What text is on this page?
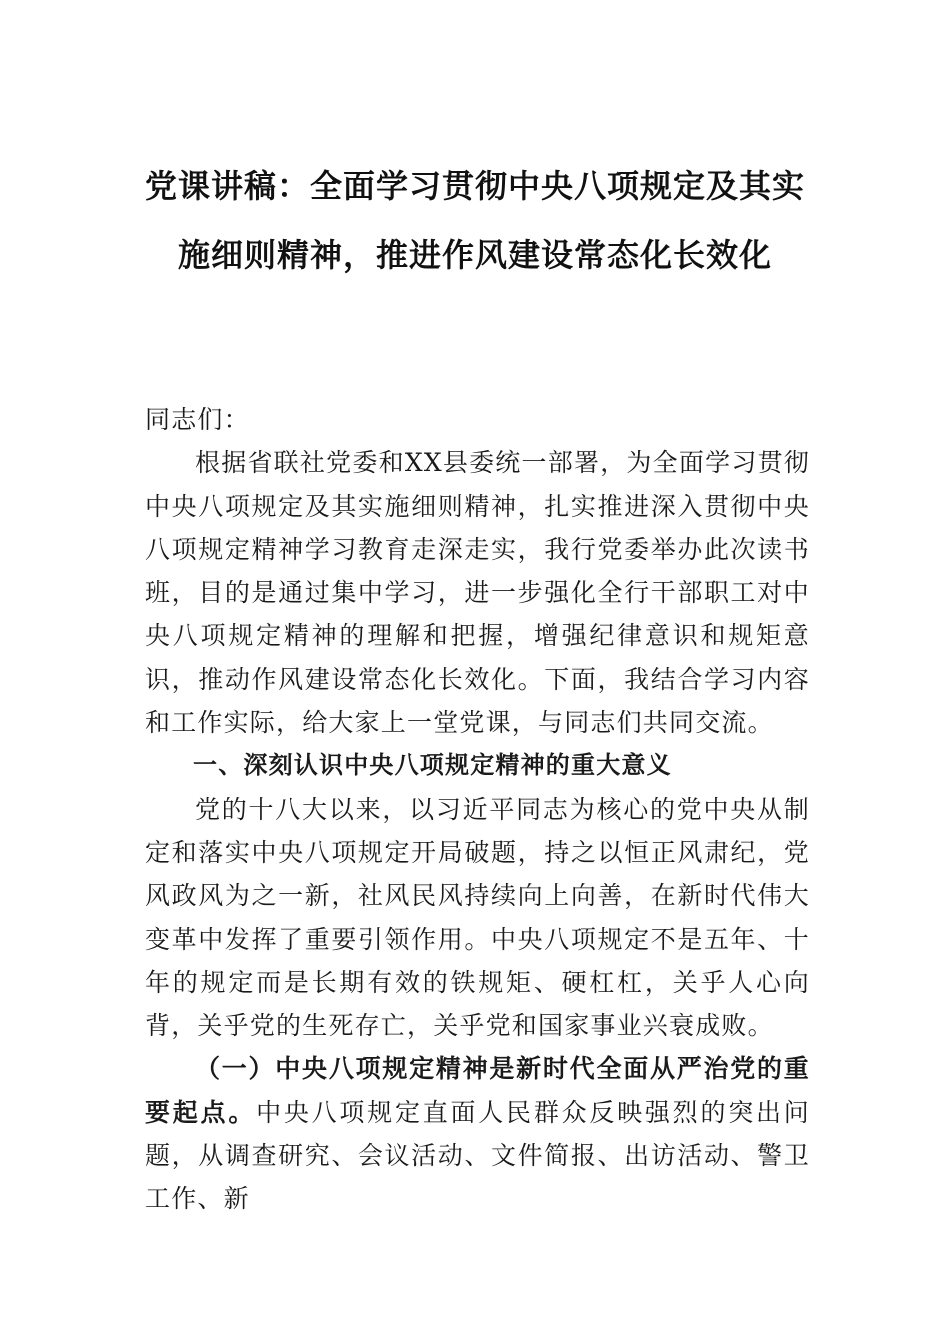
党课讲稿：全面学习贯彻中央八项规定及其实施细则精神，推进作风建设常态化长效化

同志们：

根据省联社党委和XX县委统一部署，为全面学习贯彻中央八项规定及其实施细则精神，扎实推进深入贯彻中央八项规定精神学习教育走深走实，我行党委举办此次读书班，目的是通过集中学习，进一步强化全行干部职工对中央八项规定精神的理解和把握，增强纪律意识和规矩意识，推动作风建设常态化长效化。下面，我结合学习内容和工作实际，给大家上一堂党课，与同志们共同交流。

一、深刻认识中央八项规定精神的重大意义

党的十八大以来，以习近平同志为核心的党中央从制定和落实中央八项规定开局破题，持之以恒正风肃纪，党风政风为之一新，社风民风持续向上向善，在新时代伟大变革中发挥了重要引领作用。中央八项规定不是五年、十年的规定而是长期有效的铁规矩、硬杠杠，关乎人心向背，关乎党的生死存亡，关乎党和国家事业兴衰成败。

（一）中央八项规定精神是新时代全面从严治党的重要起点。中央八项规定直面人民群众反映强烈的突出问题，从调查研究、会议活动、文件简报、出访活动、警卫工作、新
